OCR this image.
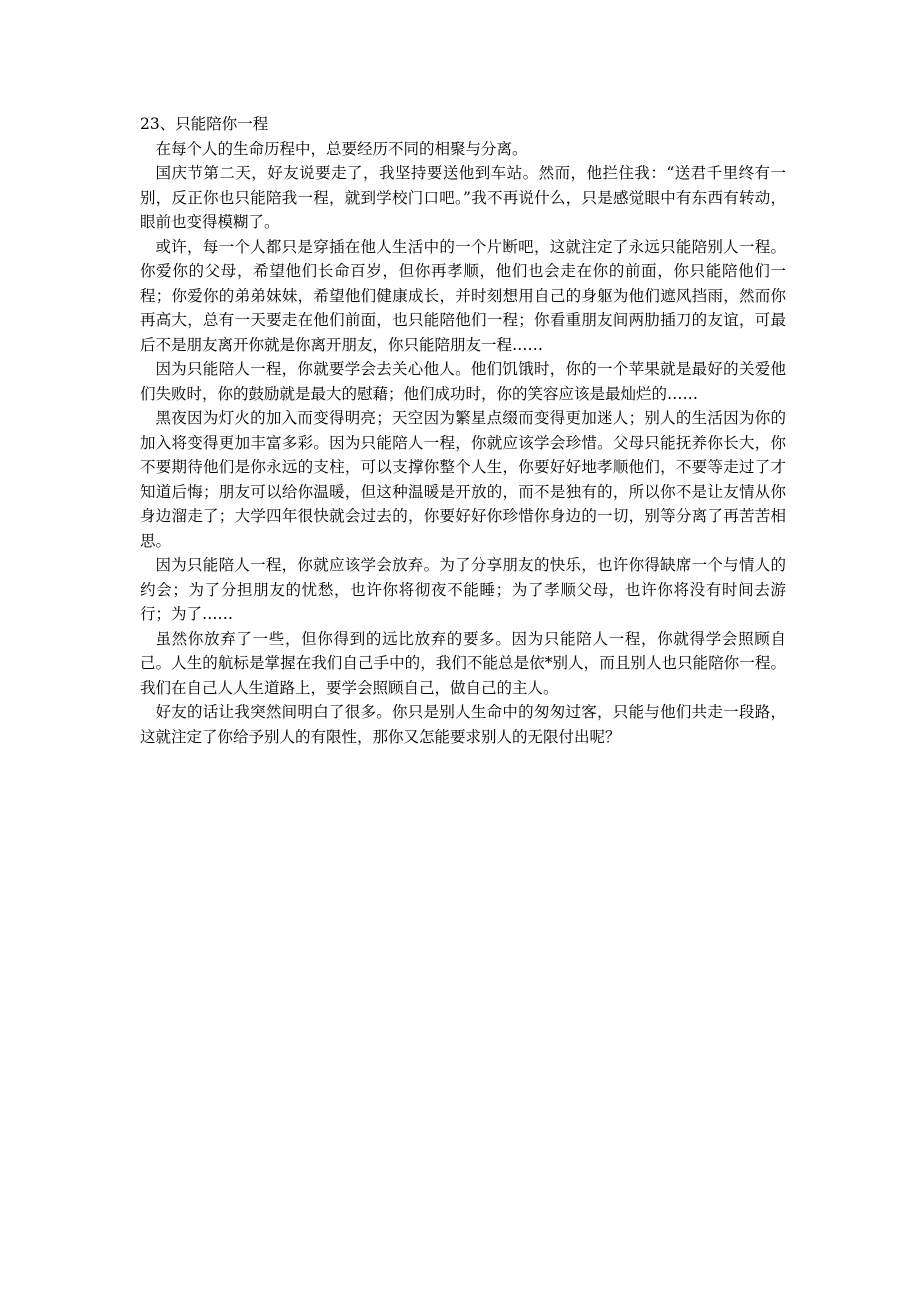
23、只能陪你一程

在每个人的生命历程中，总要经历不同的相聚与分离。

国庆节第二天，好友说要走了，我坚持要送他到车站。然而，他拦住我：“送君千里终有一别，反正你也只能陪我一程，就到学校门口吧。”我不再说什么，只是感觉眼中有东西有转动，眼前也变得模糊了。

或许，每一个人都只是穿插在他人生活中的一个片断吧，这就注定了永远只能陪别人一程。你爱你的父母，希望他们长命百岁，但你再孝顺，他们也会走在你的前面，你只能陪他们一程；你爱你的弟弟妹妹，希望他们健康成长，并时刻想用自己的身躯为他们遮风挡雨，然而你再高大，总有一天要走在他们前面，也只能陪他们一程；你看重朋友间两肋插刀的友谊，可最后不是朋友离开你就是你离开朋友，你只能陪朋友一程……

因为只能陪人一程，你就要学会去关心他人。他们饥饿时，你的一个苹果就是最好的关爱他们失败时，你的鼓励就是最大的慰藉；他们成功时，你的笑容应该是最灿烂的……

黑夜因为灯火的加入而变得明亮；天空因为繁星点缀而变得更加迷人；别人的生活因为你的加入将变得更加丰富多彩。因为只能陪人一程，你就应该学会珍惜。父母只能抚养你长大，你不要期待他们是你永远的支柱，可以支撑你整个人生，你要好好地孝顺他们，不要等走过了才知道后悔；朋友可以给你温暖，但这种温暖是开放的，而不是独有的，所以你不是让友情从你身边溜走了；大学四年很快就会过去的，你要好好你珍惜你身边的一切，别等分离了再苦苦相思。

因为只能陪人一程，你就应该学会放弃。为了分享朋友的快乐，也许你得缺席一个与情人的约会；为了分担朋友的忧愁，也许你将彻夜不能睡；为了孝顺父母，也许你将没有时间去游行；为了……

虽然你放弃了一些，但你得到的远比放弃的要多。因为只能陪人一程，你就得学会照顾自己。人生的航标是掌握在我们自己手中的，我们不能总是依*别人，而且别人也只能陪你一程。我们在自己人人生道路上，要学会照顾自己，做自己的主人。

好友的话让我突然间明白了很多。你只是别人生命中的匆匆过客，只能与他们共走一段路，这就注定了你给予别人的有限性，那你又怎能要求别人的无限付出呢？
